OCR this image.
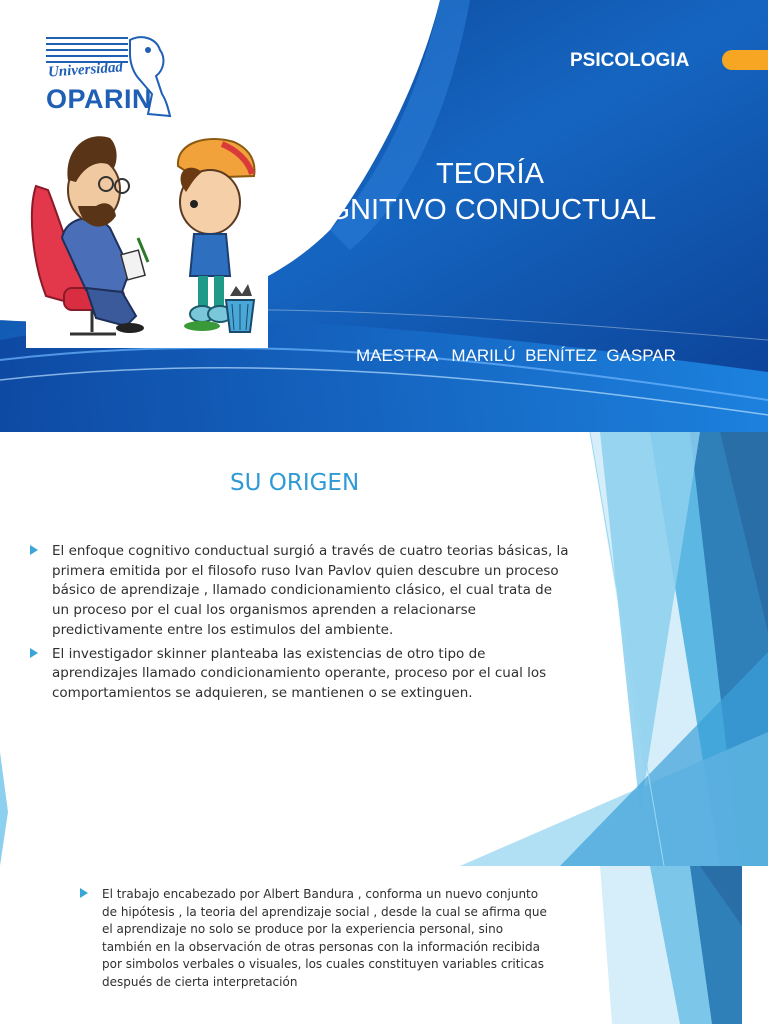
Universidad
OPARIN
PSICOLOGIA
TEORÍA
COGNITIVO CONDUCTUAL
MAESTRA   MARILÚ  BENÍTEZ  GASPAR
SU ORIGEN
El enfoque cognitivo conductual surgió a través de cuatro teorias básicas, la primera emitida por el filosofo ruso Ivan Pavlov quien descubre un proceso básico de aprendizaje , llamado condicionamiento clásico, el cual trata de un proceso por el cual los organismos aprenden a relacionarse predictivamente entre los estimulos del ambiente.
El investigador skinner planteaba las existencias de otro tipo de aprendizajes llamado condicionamiento operante, proceso por el cual los comportamientos se adquieren, se mantienen o se extinguen.
El trabajo encabezado por Albert Bandura , conforma un nuevo conjunto de hipótesis , la teoria del aprendizaje social , desde la cual se afirma que el aprendizaje no solo se produce por la experiencia personal, sino también en la observación de otras personas con la información recibida por simbolos verbales o visuales, los cuales constituyen variables criticas después de cierta interpretación
